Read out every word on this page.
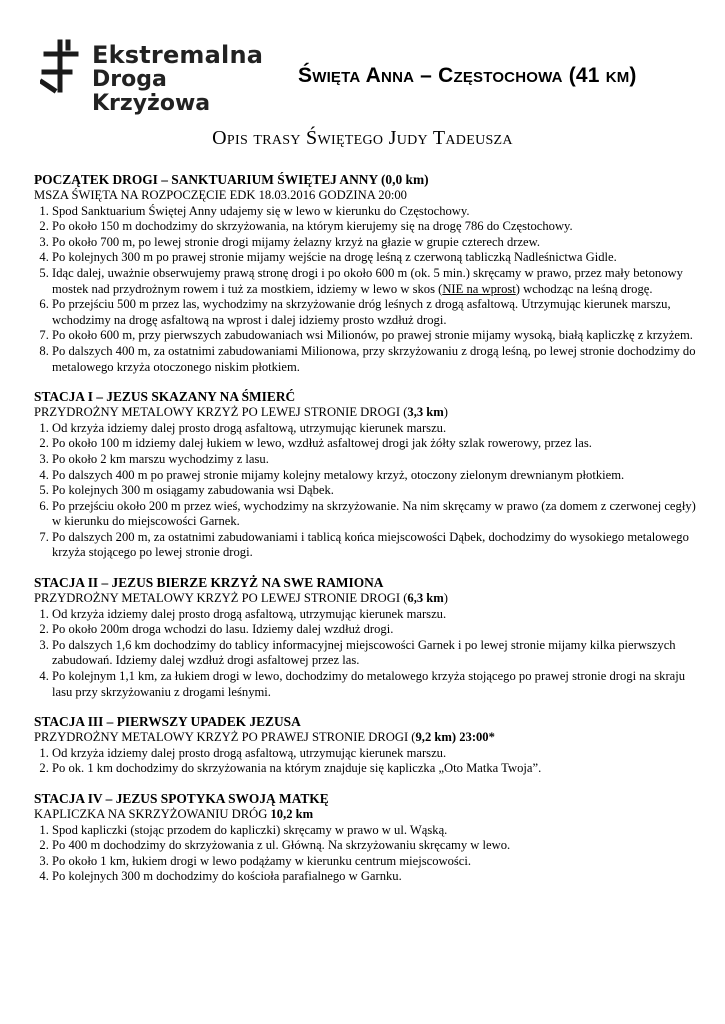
Ekstremalna
Droga Krzyżowa
Święta Anna – Częstochowa (41 km)
Opis trasy Świętego Judy Tadeusza
POCZĄTEK DROGI – SANKTUARIUM ŚWIĘTEJ ANNY (0,0 km)
MSZA ŚWIĘTA NA ROZPOCZĘCIE EDK 18.03.2016 GODZINA 20:00
1. Spod Sanktuarium Świętej Anny udajemy się w lewo w kierunku do Częstochowy.
2. Po około 150 m dochodzimy do skrzyżowania, na którym kierujemy się na drogę 786 do Częstochowy.
3. Po około 700 m, po lewej stronie drogi mijamy żelazny krzyż na głazie w grupie czterech drzew.
4. Po kolejnych 300 m po prawej stronie mijamy wejście na drogę leśną z czerwoną tabliczką Nadleśnictwa Gidle.
5. Idąc dalej, uważnie obserwujemy prawą stronę drogi i po około 600 m (ok. 5 min.) skręcamy w prawo, przez mały betonowy mostek nad przydrożnym rowem i tuż za mostkiem, idziemy w lewo w skos (NIE na wprost) wchodząc na leśną drogę.
6. Po przejściu 500 m przez las, wychodzimy na skrzyżowanie dróg leśnych z drogą asfaltową. Utrzymując kierunek marszu, wchodzimy na drogę asfaltową na wprost i dalej idziemy prosto wzdłuż drogi.
7. Po około 600 m, przy pierwszych zabudowaniach wsi Milionów, po prawej stronie mijamy wysoką, białą kapliczkę z krzyżem.
8. Po dalszych 400 m, za ostatnimi zabudowaniami Milionowa, przy skrzyżowaniu z drogą leśną, po lewej stronie dochodzimy do metalowego krzyża otoczonego niskim płotkiem.
STACJA I – JEZUS SKAZANY NA ŚMIERĆ
PRZYDROŻNY METALOWY KRZYŻ PO LEWEJ STRONIE DROGI (3,3 km)
1. Od krzyża idziemy dalej prosto drogą asfaltową, utrzymując kierunek marszu.
2. Po około 100 m idziemy dalej łukiem w lewo, wzdłuż asfaltowej drogi jak żółty szlak rowerowy, przez las.
3. Po około 2 km marszu wychodzimy z lasu.
4. Po dalszych 400 m po prawej stronie mijamy kolejny metalowy krzyż, otoczony zielonym drewnianym płotkiem.
5. Po kolejnych 300 m osiągamy zabudowania wsi Dąbek.
6. Po przejściu około 200 m przez wieś, wychodzimy na skrzyżowanie. Na nim skręcamy w prawo (za domem z czerwonej cegły) w kierunku do miejscowości Garnek.
7. Po dalszych 200 m, za ostatnimi zabudowaniami i tablicą końca miejscowości Dąbek, dochodzimy do wysokiego metalowego krzyża stojącego po lewej stronie drogi.
STACJA II – JEZUS BIERZE KRZYŻ NA SWE RAMIONA
PRZYDROŻNY METALOWY KRZYŻ PO LEWEJ STRONIE DROGI (6,3 km)
1. Od krzyża idziemy dalej prosto drogą asfaltową, utrzymując kierunek marszu.
2. Po około 200m droga wchodzi do lasu. Idziemy dalej wzdłuż drogi.
3. Po dalszych 1,6 km dochodzimy do tablicy informacyjnej miejscowości Garnek i po lewej stronie mijamy kilka pierwszych zabudowań. Idziemy dalej wzdłuż drogi asfaltowej przez las.
4. Po kolejnym 1,1 km, za łukiem drogi w lewo, dochodzimy do metalowego krzyża stojącego po prawej stronie drogi na skraju lasu przy skrzyżowaniu z drogami leśnymi.
STACJA III – PIERWSZY UPADEK JEZUSA
PRZYDROŻNY METALOWY KRZYŻ PO PRAWEJ STRONIE DROGI (9,2 km) 23:00*
1. Od krzyża idziemy dalej prosto drogą asfaltową, utrzymując kierunek marszu.
2. Po ok. 1 km dochodzimy do skrzyżowania na którym znajduje się kapliczka „Oto Matka Twoja”.
STACJA IV – JEZUS SPOTYKA SWOJĄ MATKĘ
KAPLICZKA NA SKRZYŻOWANIU DRÓG 10,2 km
1. Spod kapliczki (stojąc przodem do kapliczki) skręcamy w prawo w ul. Wąską.
2. Po 400 m dochodzimy do skrzyżowania z ul. Główną. Na skrzyżowaniu skręcamy w lewo.
3. Po około 1 km, łukiem drogi w lewo podążamy w kierunku centrum miejscowości.
4. Po kolejnych 300 m dochodzimy do kościoła parafialnego w Garnku.
